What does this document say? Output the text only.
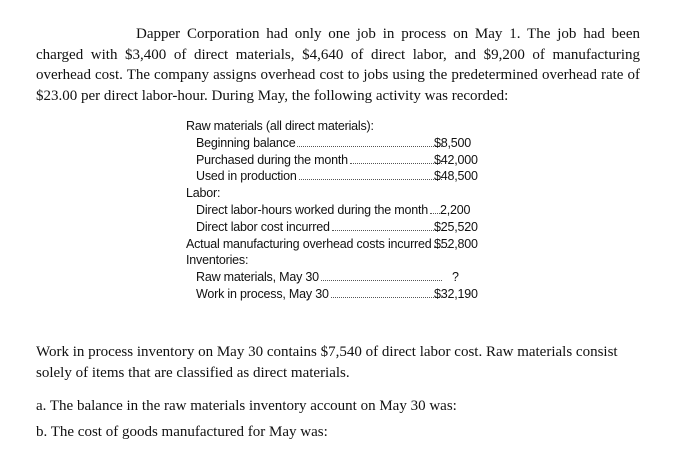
Dapper Corporation had only one job in process on May 1. The job had been charged with $3,400 of direct materials, $4,640 of direct labor, and $9,200 of manufacturing overhead cost. The company assigns overhead cost to jobs using the predetermined overhead rate of $23.00 per direct labor-hour. During May, the following activity was recorded:

Raw materials (all direct materials):
Beginning balance	$8,500
Purchased during the month	$42,000
Used in production	$48,500
Labor:
Direct labor-hours worked during the month 2,200
Direct labor cost incurred	$25,520
Actual manufacturing overhead costs incurred $52,800
Inventories:
Raw materials, May 30	?
Work in process, May 30	$32,190

Work in process inventory on May 30 contains $7,540 of direct labor cost. Raw materials consist solely of items that are classified as direct materials.

a. The balance in the raw materials inventory account on May 30 was:

b. The cost of goods manufactured for May was:
